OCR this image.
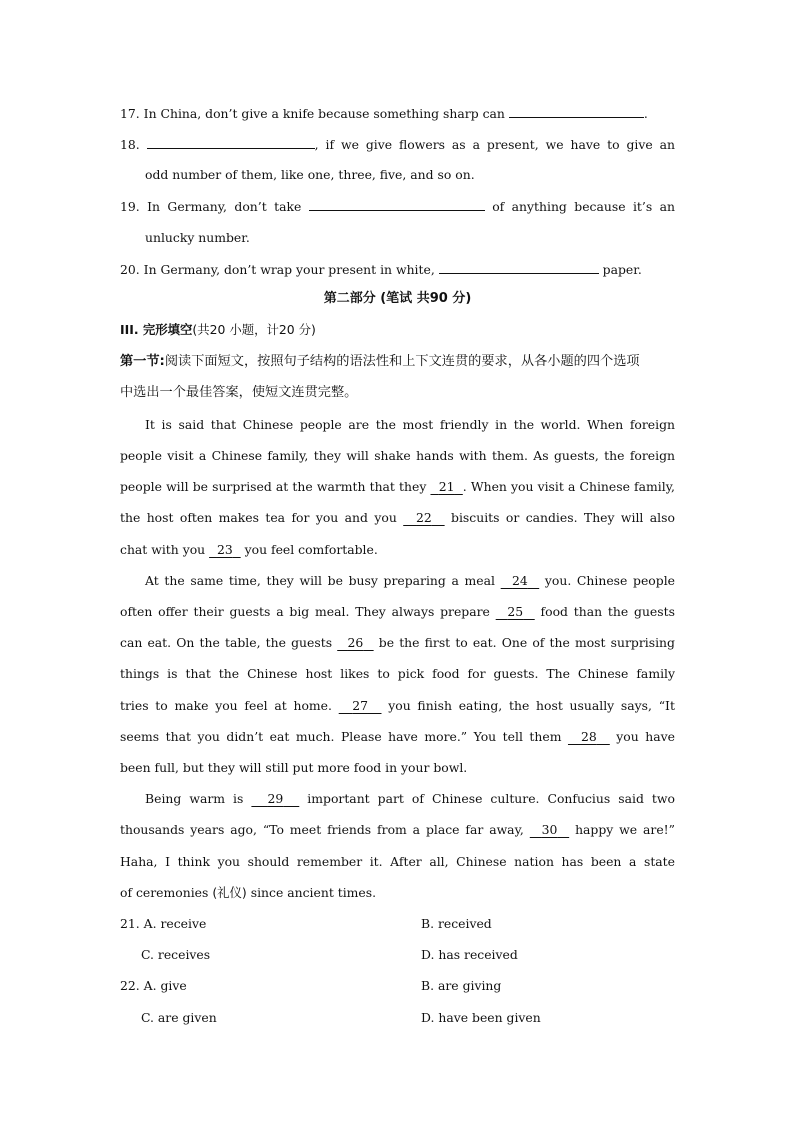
17. In China, don’t give a knife because something sharp can	.
18.	, if we give flowers as a present, we have to give an
odd number of them, like one, three, five, and so on.
19. In Germany, don’t take	of anything because it’s an
unlucky number.
20. In Germany, don’t wrap your present in white,	paper.
第二部分 (笔试 共90 分)
III. 完形填空(共20 小题，计20 分)
第一节:阅读下面短文，按照句子结构的语法性和上下文连贯的要求，从各小题的四个选项
中选出一个最佳答案，使短文连贯完整。
It is said that Chinese people are the most friendly in the world. When foreign
people visit a Chinese family, they will shake hands with them. As guests, the foreign
people will be surprised at the warmth that they 21 . When you visit a Chinese family,
the host often makes tea for you and you 22 biscuits or candies. They will also
chat with you 23 you feel comfortable.
At the same time, they will be busy preparing a meal 24 you. Chinese people
often offer their guests a big meal. They always prepare 25 food than the guests
can eat. On the table, the guests 26 be the first to eat. One of the most surprising
things is that the Chinese host likes to pick food for guests. The Chinese family
tries to make you feel at home. 27 you finish eating, the host usually says, “It
seems that you didn’t eat much. Please have more.” You tell them 28 you have
been full, but they will still put more food in your bowl.
Being warm is 29 important part of Chinese culture. Confucius said two
thousands years ago, “To meet friends from a place far away, 30 happy we are!”
Haha, I think you should remember it. After all, Chinese nation has been a state
of ceremonies (礼仪) since ancient times.
21. A. receive	B. received
C. receives	D. has received
22. A. give	B. are giving
C. are given	D. have been given
